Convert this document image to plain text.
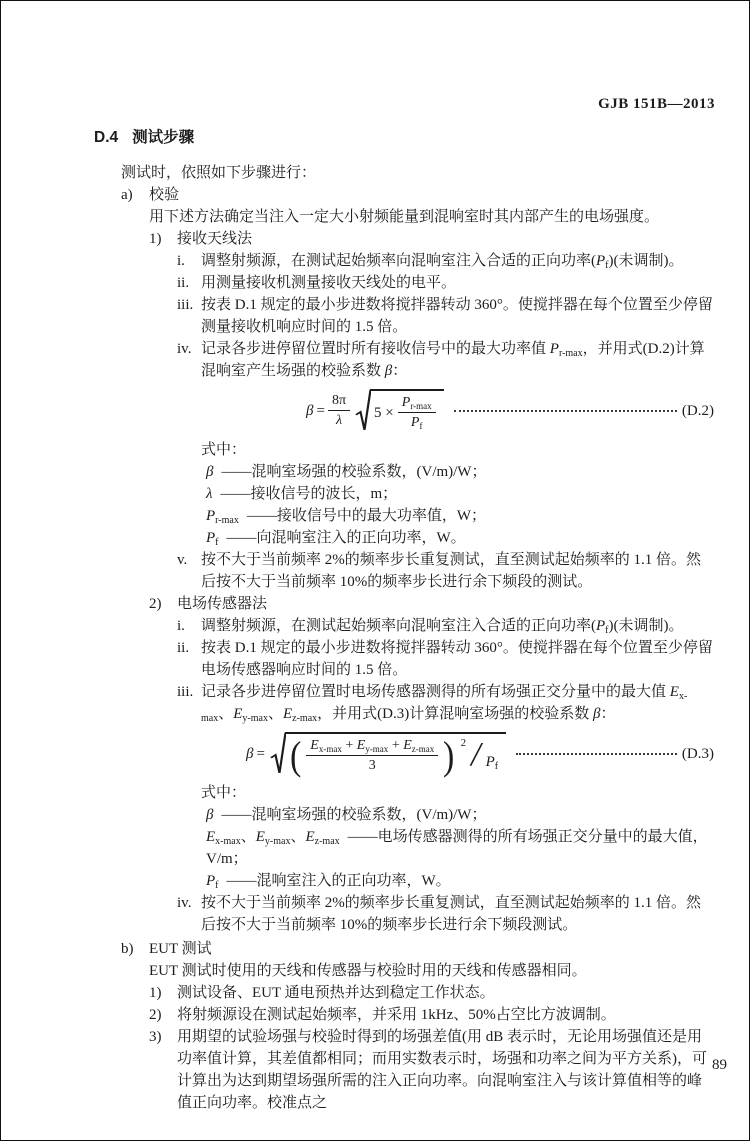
GJB 151B—2013
D.4 测试步骤

测试时，依照如下步骤进行：

a)	校验

用下述方法确定当注入一定大小射频能量到混响室时其内部产生的电场强度。

1)	接收天线法
i.	调整射频源，在测试起始频率向混响室注入合适的正向功率$(P_f)$(未调制)。
ii. 用测量接收机测量接收天线处的电平。
iii. 按表 D.1 规定的最小步进数将搅拌器转动 360°。使搅拌器在每个位置至少停留测量接收机响应时间的 1.5 倍。
iv. 记录各步进停留位置时所有接收信号中的最大功率值 $P_{r-max}$，并用式(D.2)计算混响室产生场强的校验系数 β：
$\beta = \frac{8\pi}{\lambda} 5 \times \frac{P_{r-max}}{P_f}$	(D.2)

式中：

β ——混响室场强的校验系数，(V/m)/W；

λ ——接收信号的波长，m；

$P_{r-max}$ ——接收信号中的最大功率值，W；

$P_f$ ——向混响室注入的正向功率，W。

v. 按不大于当前频率 2%的频率步长重复测试，直至测试起始频率的 1.1 倍。然后按不大于当前频率 10%的频率步长进行余下频段的测试。
2)	电场传感器法
i.	调整射频源，在测试起始频率向混响室注入合适的正向功率$(P_f)$(未调制)。
ii. 按表 D.1 规定的最小步进数将搅拌器转动 360°。使搅拌器在每个位置至少停留电场传感器响应时间的 1.5 倍。
iii. 记录各步进停留位置时电场传感器测得的所有场强正交分量中的最大值 $E_{x-max}$、$E_{y-max}$、$E_{z-max}$，并用式(D.3)计算混响室场强的校验系数 β：
β = ( $\frac{E_{x-max} + E_{y-max} + E_{z-max}}{3}$ ) $2 / P_f$
(D.3)

式中：

β ——混响室场强的校验系数，(V/m)/W；

$E_{x-max}$、$E_{y-max}$、$E_{z-max}$ ——电场传感器测得的所有场强正交分量中的最大值，
V/m；

$P_f$ ——混响室注入的正向功率，W。

iv. 按不大于当前频率 2%的频率步长重复测试，直至测试起始频率的 1.1 倍。然后按不大于当前频率 10%的频率步长进行余下频段测试。
b)	EUT 测试

EUT 测试时使用的天线和传感器与校验时用的天线和传感器相同。

1)	测试设备、EUT 通电预热并达到稳定工作状态。
2)	将射频源设在测试起始频率，并采用 1kHz、50%占空比方波调制。
3)	用期望的试验场强与校验时得到的场强差值(用 dB 表示时，无论用场强值还是用功率值计算，其差值都相同；而用实数表示时，场强和功率之间为平方关系)，可计算出为达到期望场强所需的注入正向功率。向混响室注入与该计算值相等的峰值正向功率。校准点之
89
